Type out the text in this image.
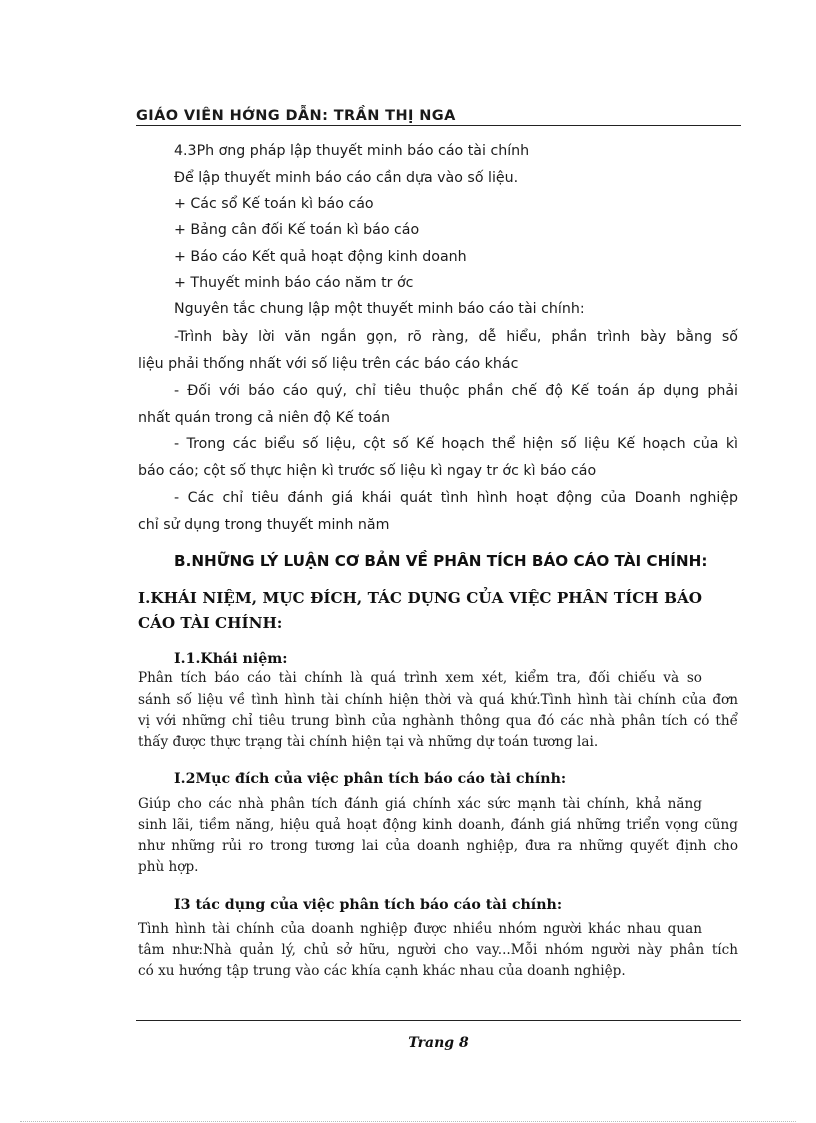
GIÁO VIÊN HỚNG DẪN: TRẦN THỊ NGA
4.3Ph ơng pháp lập thuyết minh báo cáo tài chính
Để lập thuyết minh báo cáo cần dựa vào số liệu.
+ Các sổ Kế toán kì báo cáo
+ Bảng cân đối Kế toán kì báo cáo
+ Báo cáo Kết quả hoạt động kinh doanh
+ Thuyết minh báo cáo năm tr ớc
Nguyên tắc chung lập một thuyết minh báo cáo tài chính:
-Trình bày lời văn ngắn gọn, rõ ràng, dễ hiểu, phần trình bày bằng số
liệu phải thống nhất với số liệu trên các báo cáo khác
- Đối với báo cáo quý, chỉ tiêu thuộc phần chế độ Kế toán áp dụng phải
nhất quán trong cả niên độ Kế toán
- Trong các biểu số liệu, cột số Kế hoạch thể hiện số liệu Kế hoạch của kì
báo cáo; cột số thực hiện kì trước số liệu kì ngay tr ớc kì báo cáo
- Các chỉ tiêu đánh giá khái quát tình hình hoạt động của Doanh nghiệp
chỉ sử dụng trong thuyết minh năm
B.NHỮNG LÝ LUẬN CƠ BẢN VỀ PHÂN TÍCH BÁO CÁO TÀI CHÍNH:
I.KHÁI NIỆM, MỤC ĐÍCH, TÁC DỤNG CỦA VIỆC PHÂN TÍCH BÁO
CÁO TÀI CHÍNH:
I.1.Khái niệm:
Phân tích báo cáo tài chính là quá trình xem xét, kiểm tra, đối chiếu và so
sánh số liệu về tình hình tài chính hiện thời và quá khứ.Tình hình tài chính của đơn
vị với những chỉ tiêu trung bình của nghành thông qua đó các nhà phân tích có thể
thấy được thực trạng tài chính hiện tại và những dự toán tương lai.
I.2Mục đích của việc phân tích báo cáo tài chính:
Giúp cho các nhà phân tích đánh giá chính xác sức mạnh tài chính, khả năng
sinh lãi, tiềm năng, hiệu quả hoạt động kinh doanh, đánh giá những triển vọng cũng
như những rủi ro trong tương lai của doanh nghiệp, đưa ra những quyết định cho
phù hợp.
I3 tác dụng của việc phân tích báo cáo tài chính:
Tình hình tài chính của doanh nghiệp được nhiều nhóm người khác nhau quan
tâm như:Nhà quản lý, chủ sở hữu, người cho vay...Mỗi nhóm người này phân tích
có xu hướng tập trung vào các khía cạnh khác nhau của doanh nghiệp.
Trang 8
